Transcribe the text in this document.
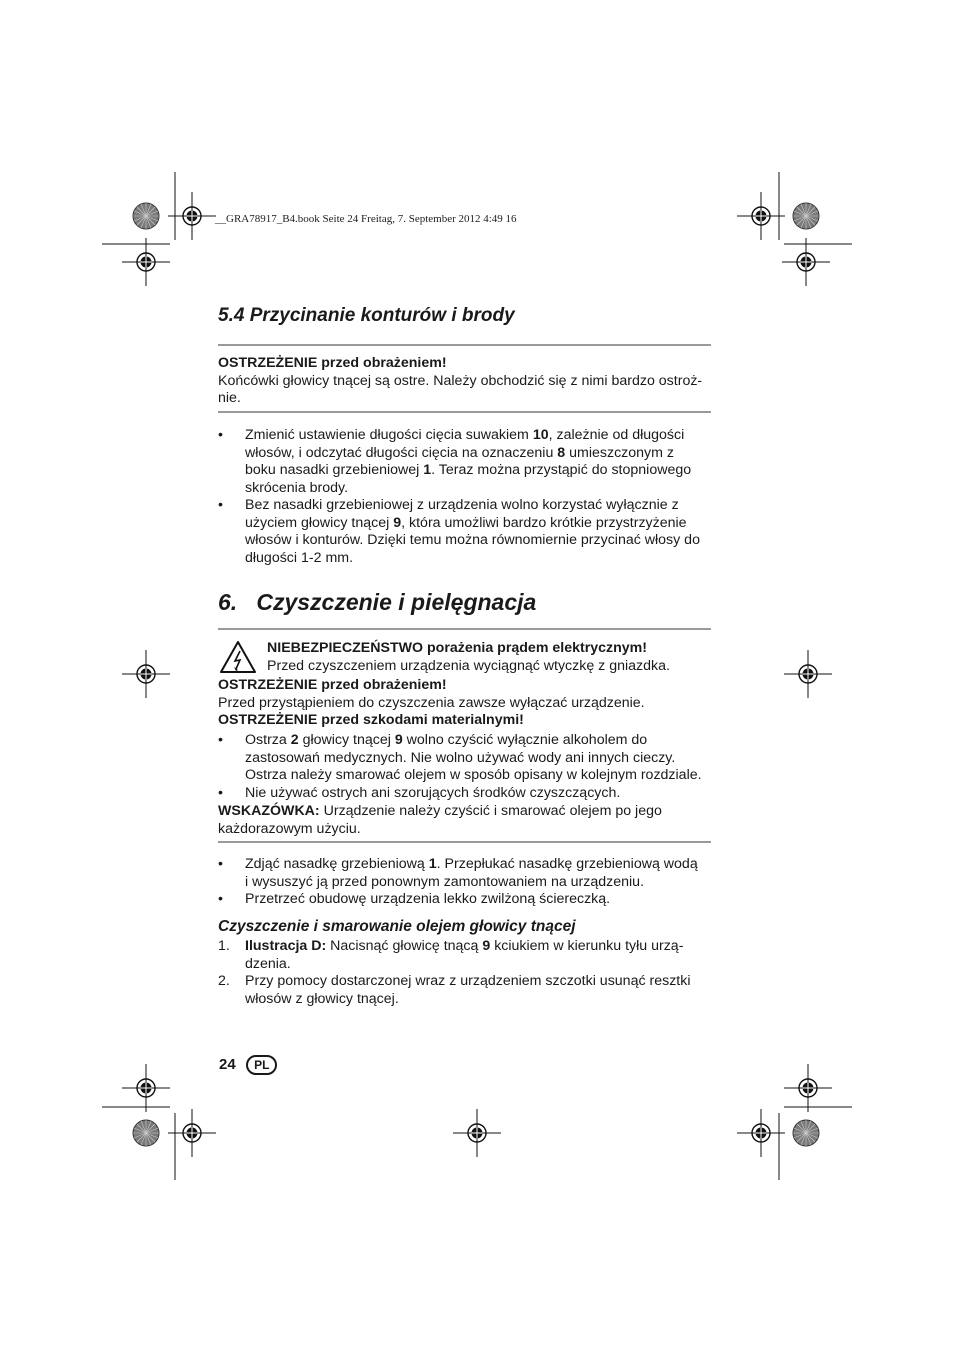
__GRA78917_B4.book Seite 24 Freitag, 7. September 2012 4:49 16
5.4 Przycinanie konturów i brody
OSTRZEŻENIE przed obrażeniem!
Końcówki głowicy tnącej są ostre. Należy obchodzić się z nimi bardzo ostroż-
nie.
• Zmienić ustawienie długości cięcia suwakiem 10, zależnie od długości
włosów, i odczytać długości cięcia na oznaczeniu 8 umieszczonym z
boku nasadki grzebieniowej 1. Teraz można przystąpić do stopniowego
skrócenia brody.
• Bez nasadki grzebieniowej z urządzenia wolno korzystać wyłącznie z
użyciem głowicy tnącej 9, która umożliwi bardzo krótkie przystrzyżenie
włosów i konturów. Dzięki temu można równomiernie przycinać włosy do
długości 1-2 mm.
6.   Czyszczenie i pielęgnacja
NIEBEZPIECZEŃSTWO porażenia prądem elektrycznym!
Przed czyszczeniem urządzenia wyciągnąć wtyczkę z gniazdka.
OSTRZEŻENIE przed obrażeniem!
Przed przystąpieniem do czyszczenia zawsze wyłączać urządzenie.
OSTRZEŻENIE przed szkodami materialnymi!
• Ostrza 2 głowicy tnącej 9 wolno czyścić wyłącznie alkoholem do
zastosowań medycznych. Nie wolno używać wody ani innych cieczy.
Ostrza należy smarować olejem w sposób opisany w kolejnym rozdziale.
• Nie używać ostrych ani szorujących środków czyszczących.
WSKAZÓWKA: Urządzenie należy czyścić i smarować olejem po jego
każdorazowym użyciu.
• Zdjąć nasadkę grzebieniową 1. Przepłukać nasadkę grzebieniową wodą
i wysuszyć ją przed ponownym zamontowaniem na urządzeniu.
• Przetrzeć obudowę urządzenia lekko zwilżoną ściereczką.
Czyszczenie i smarowanie olejem głowicy tnącej
1. Ilustracja D: Nacisnąć głowicę tnącą 9 kciukiem w kierunku tyłu urzą-
dzenia.
2. Przy pomocy dostarczonej wraz z urządzeniem szczotki usunąć resztki
włosów z głowicy tnącej.
24 PL
